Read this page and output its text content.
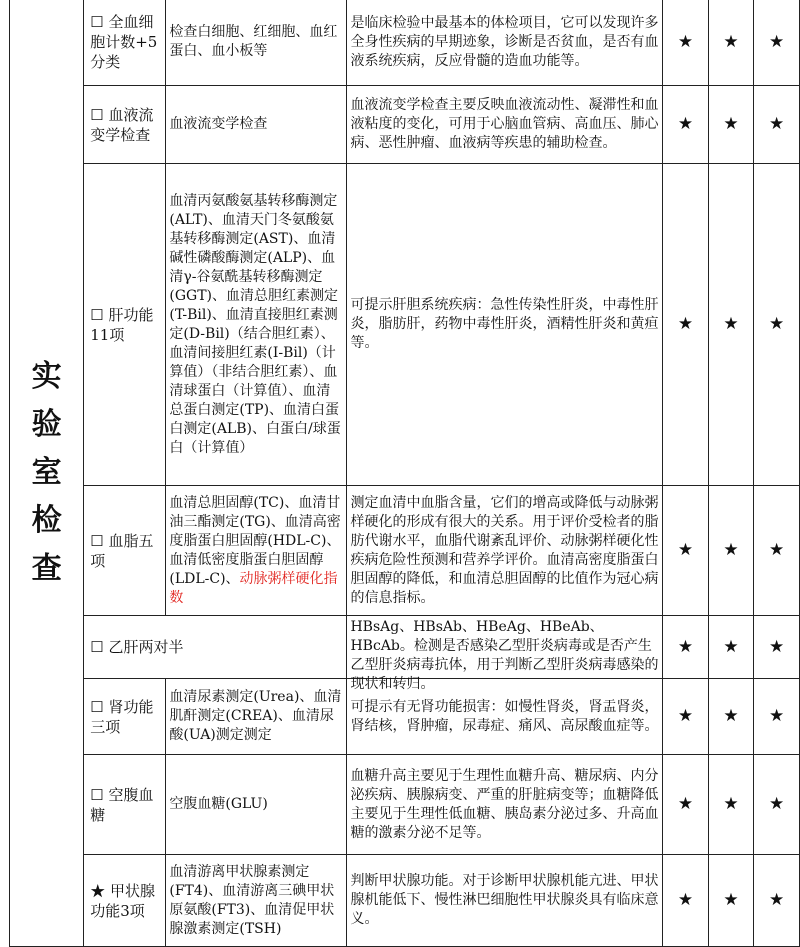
实验室检查	☐ 全血细胞计数+5分类	检查白细胞、红细胞、血红蛋白、血小板等	是临床检验中最基本的体检项目，它可以发现许多全身性疾病的早期迹象，诊断是否贫血，是否有血液系统疾病，反应骨髓的造血功能等。	★	★	★
	☐ 血液流变学检查	血液流变学检查	血液流变学检查主要反映血液流动性、凝滞性和血液粘度的变化，可用于心脑血管病、高血压、肺心病、恶性肿瘤、血液病等疾患的辅助检查。	★	★	★
	☐ 肝功能11项	血清丙氨酸氨基转移酶测定(ALT)、血清天门冬氨酸氨基转移酶测定(AST)、血清碱性磷酸酶测定(ALP)、血清γ-谷氨酰基转移酶测定(GGT)、血清总胆红素测定(T-Bil)、血清直接胆红素测定(D-Bil)（结合胆红素）、血清间接胆红素(I-Bil)（计算值）（非结合胆红素）、血清球蛋白（计算值）、血清总蛋白测定(TP)、血清白蛋白测定(ALB)、白蛋白/球蛋白（计算值）	可提示肝胆系统疾病：急性传染性肝炎，中毒性肝炎，脂肪肝，药物中毒性肝炎，酒精性肝炎和黄疸等。	★	★	★
	☐ 血脂五项	血清总胆固醇(TC)、血清甘油三酯测定(TG)、血清高密度脂蛋白胆固醇(HDL-C)、血清低密度脂蛋白胆固醇(LDL-C)、动脉粥样硬化指数	测定血清中血脂含量，它们的增高或降低与动脉粥样硬化的形成有很大的关系。用于评价受检者的脂肪代谢水平，血脂代谢紊乱评价、动脉粥样硬化性疾病危险性预测和营养学评价。血清高密度脂蛋白胆固醇的降低，和血清总胆固醇的比值作为冠心病的信息指标。	★	★	★
	☐ 乙肝两对半		HBsAg、HBsAb、HBeAg、HBeAb、HBcAb。检测是否感染乙型肝炎病毒或是否产生乙型肝炎病毒抗体，用于判断乙型肝炎病毒感染的现状和转归。	★	★	★
	☐ 肾功能三项	血清尿素测定(Urea)、血清肌酐测定(CREA)、血清尿酸(UA)测定测定	可提示有无肾功能损害：如慢性肾炎，肾盂肾炎，肾结核，肾肿瘤，尿毒症、痛风、高尿酸血症等。	★	★	★
	☐ 空腹血糖	空腹血糖(GLU)	血糖升高主要见于生理性血糖升高、糖尿病、内分泌疾病、胰腺病变、严重的肝脏病变等；血糖降低主要见于生理性低血糖、胰岛素分泌过多、升高血糖的激素分泌不足等。	★	★	★
	★ 甲状腺功能3项	血清游离甲状腺素测定(FT4)、血清游离三碘甲状原氨酸(FT3)、血清促甲状腺激素测定(TSH)	判断甲状腺功能。对于诊断甲状腺机能亢进、甲状腺机能低下、慢性淋巴细胞性甲状腺炎具有临床意义。	★	★	★
